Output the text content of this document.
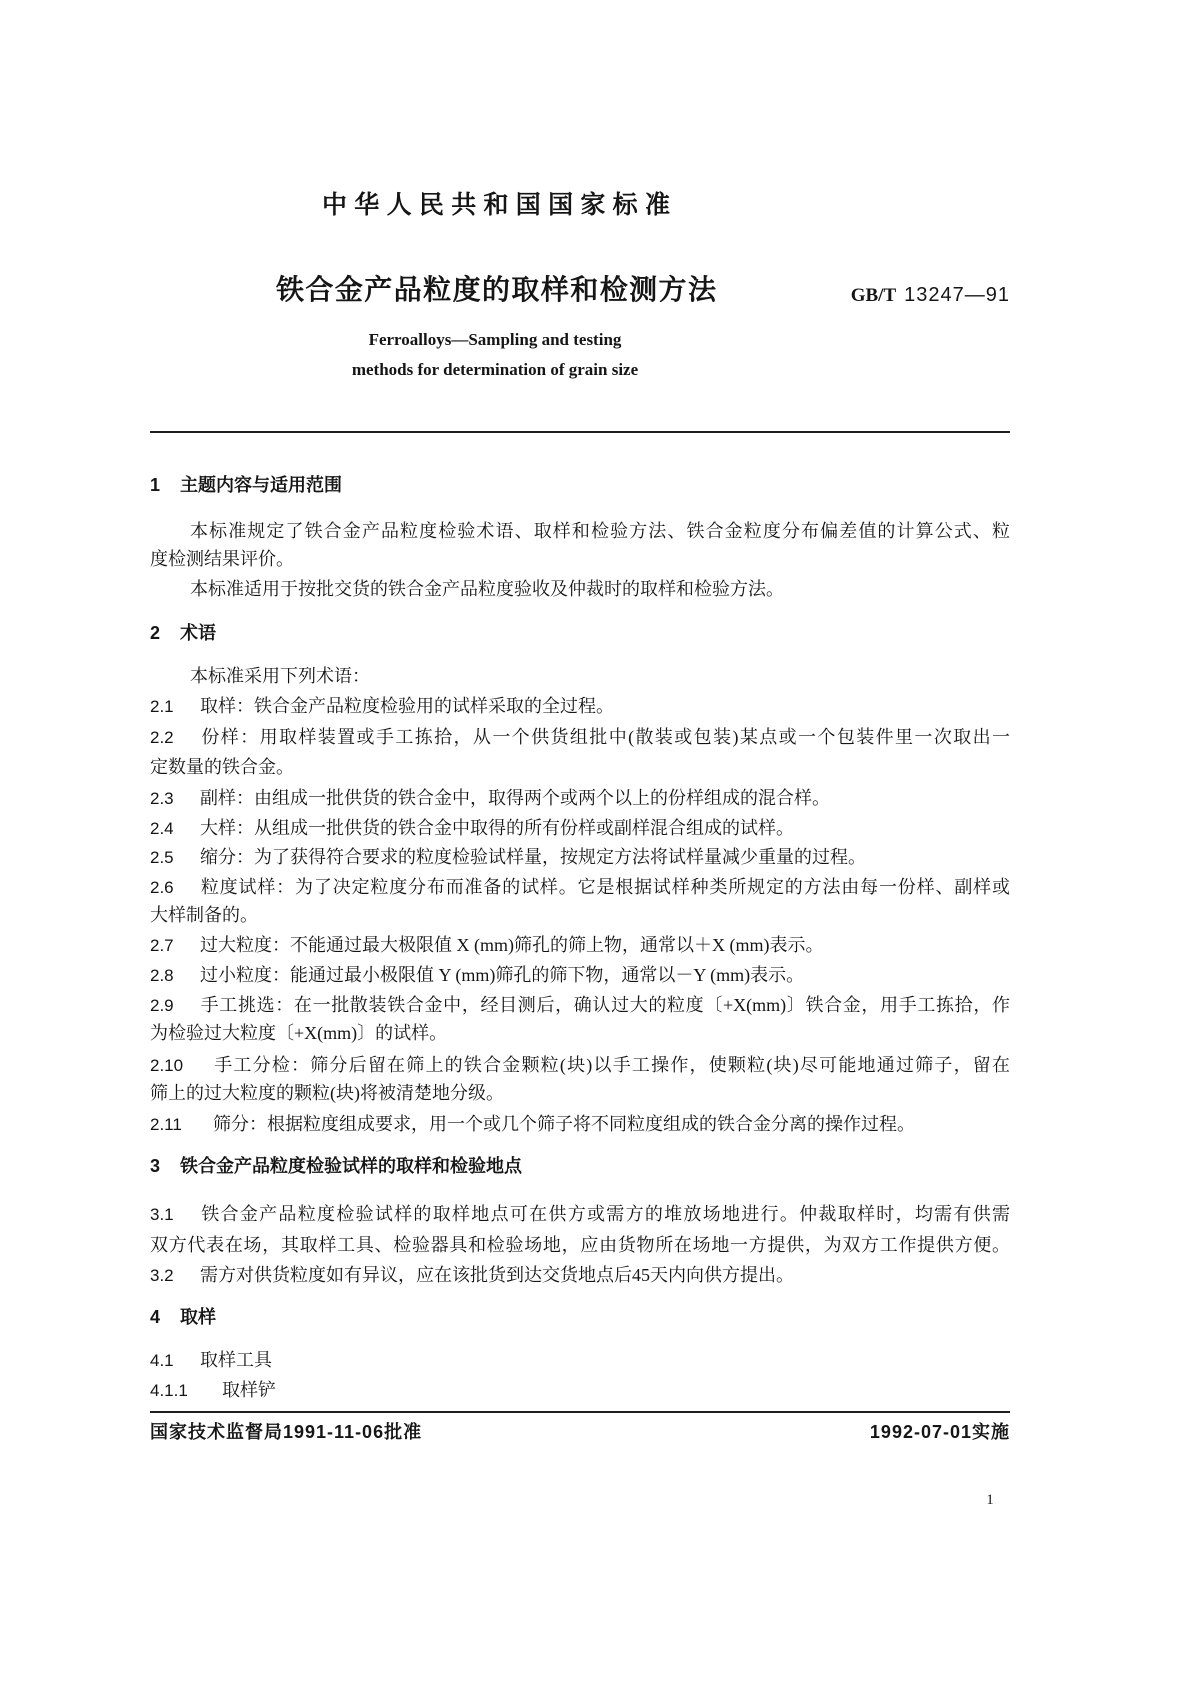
中华人民共和国国家标准
铁合金产品粒度的取样和检测方法	GB/T 13247—91
Ferroalloys—Sampling and testing
methods for determination of grain size
1 主题内容与适用范围
本标准规定了铁合金产品粒度检验术语、取样和检验方法、铁合金粒度分布偏差值的计算公式、粒
度检测结果评价。
本标准适用于按批交货的铁合金产品粒度验收及仲裁时的取样和检验方法。
2 术语
本标准采用下列术语：
2.1 取样：铁合金产品粒度检验用的试样采取的全过程。
2.2 份样：用取样装置或手工拣拾，从一个供货组批中(散装或包装)某点或一个包装件里一次取出一
定数量的铁合金。
2.3 副样：由组成一批供货的铁合金中，取得两个或两个以上的份样组成的混合样。
2.4 大样：从组成一批供货的铁合金中取得的所有份样或副样混合组成的试样。
2.5 缩分：为了获得符合要求的粒度检验试样量，按规定方法将试样量减少重量的过程。
2.6 粒度试样：为了决定粒度分布而准备的试样。它是根据试样种类所规定的方法由每一份样、副样或
大样制备的。
2.7 过大粒度：不能通过最大极限值 X (mm)筛孔的筛上物，通常以＋X (mm)表示。
2.8 过小粒度：能通过最小极限值 Y (mm)筛孔的筛下物，通常以－Y (mm)表示。
2.9 手工挑选：在一批散装铁合金中，经目测后，确认过大的粒度〔+X(mm)〕铁合金，用手工拣拾，作
为检验过大粒度〔+X(mm)〕的试样。
2.10 手工分检：筛分后留在筛上的铁合金颗粒(块)以手工操作，使颗粒(块)尽可能地通过筛子，留在
筛上的过大粒度的颗粒(块)将被清楚地分级。
2.11 筛分：根据粒度组成要求，用一个或几个筛子将不同粒度组成的铁合金分离的操作过程。
3 铁合金产品粒度检验试样的取样和检验地点
3.1 铁合金产品粒度检验试样的取样地点可在供方或需方的堆放场地进行。仲裁取样时，均需有供需
双方代表在场，其取样工具、检验器具和检验场地，应由货物所在场地一方提供，为双方工作提供方便。
3.2 需方对供货粒度如有异议，应在该批货到达交货地点后45天内向供方提出。
4 取样
4.1 取样工具
4.1.1 取样铲
国家技术监督局1991-11-06批准	1992-07-01实施
1
